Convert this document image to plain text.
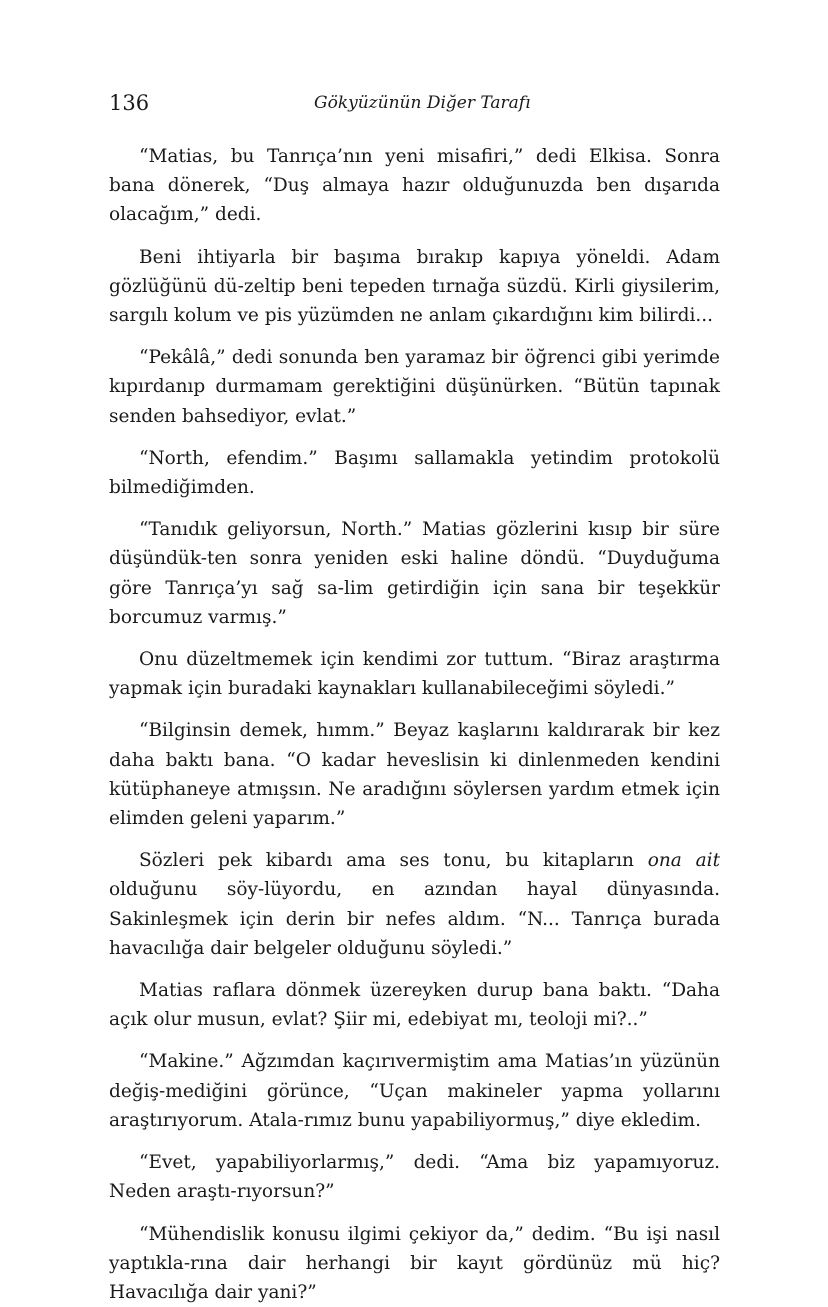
136	Gökyüzünün Diğer Tarafı

“Matias, bu Tanrıça’nın yeni misafiri,” dedi Elkisa. Sonra bana dönerek, “Duş almaya hazır olduğunuzda ben dışarıda olacağım,” dedi.

Beni ihtiyarla bir başıma bırakıp kapıya yöneldi. Adam gözlüğünü dü-zeltip beni tepeden tırnağa süzdü. Kirli giysilerim, sargılı kolum ve pis yüzümden ne anlam çıkardığını kim bilirdi...

“Pekâlâ,” dedi sonunda ben yaramaz bir öğrenci gibi yerimde kıpırdanıp durmamam gerektiğini düşünürken. “Bütün tapınak senden bahsediyor, evlat.”

“North, efendim.” Başımı sallamakla yetindim protokolü bilmediğimden.

“Tanıdık geliyorsun, North.” Matias gözlerini kısıp bir süre düşündük-ten sonra yeniden eski haline döndü. “Duyduğuma göre Tanrıça’yı sağ sa-lim getirdiğin için sana bir teşekkür borcumuz varmış.”

Onu düzeltmemek için kendimi zor tuttum. “Biraz araştırma yapmak için buradaki kaynakları kullanabileceğimi söyledi.”

“Bilginsin demek, hımm.” Beyaz kaşlarını kaldırarak bir kez daha baktı bana. “O kadar heveslisin ki dinlenmeden kendini kütüphaneye atmışsın. Ne aradığını söylersen yardım etmek için elimden geleni yaparım.”

Sözleri pek kibardı ama ses tonu, bu kitapların ona ait olduğunu söy-lüyordu, en azından hayal dünyasında. Sakinleşmek için derin bir nefes aldım. “N... Tanrıça burada havacılığa dair belgeler olduğunu söyledi.”

Matias raflara dönmek üzereyken durup bana baktı. “Daha açık olur musun, evlat? Şiir mi, edebiyat mı, teoloji mi?..”

“Makine.” Ağzımdan kaçırıvermiştim ama Matias’ın yüzünün değiş-mediğini görünce, “Uçan makineler yapma yollarını araştırıyorum. Atala-rımız bunu yapabiliyormuş,” diye ekledim.

“Evet, yapabiliyorlarmış,” dedi. “Ama biz yapamıyoruz. Neden araştı-rıyorsun?”

“Mühendislik konusu ilgimi çekiyor da,” dedim. “Bu işi nasıl yaptıkla-rına dair herhangi bir kayıt gördünüz mü hiç? Havacılığa dair yani?”
